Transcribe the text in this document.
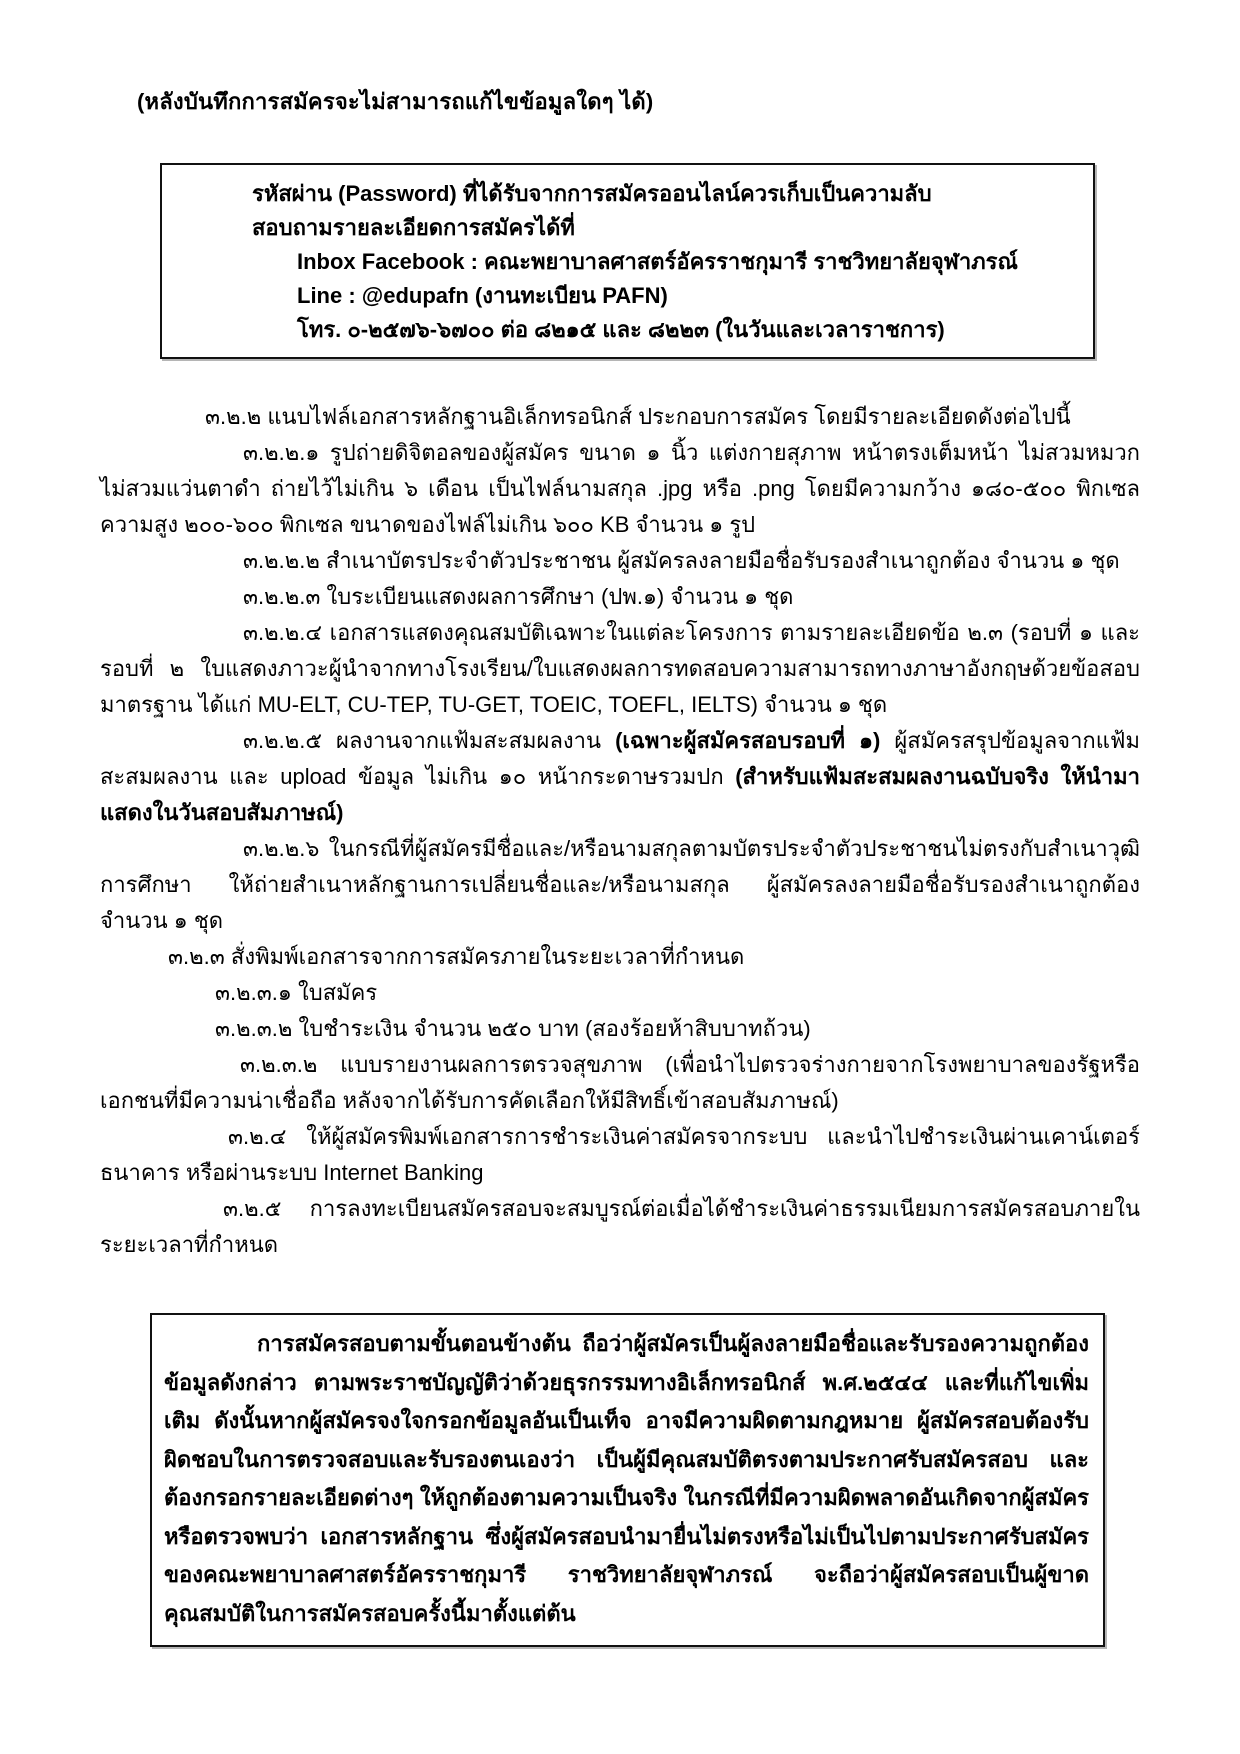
(หลังบันทึกการสมัครจะไม่สามารถแก้ไขข้อมูลใดๆ ได้)

รหัสผ่าน (Password) ที่ได้รับจากการสมัครออนไลน์ควรเก็บเป็นความลับ

สอบถามรายละเอียดการสมัครได้ที่

Inbox Facebook : คณะพยาบาลศาสตร์อัครราชกุมารี ราชวิทยาลัยจุฬาภรณ์

Line : @edupafn (งานทะเบียน PAFN)

โทร. ๐-๒๕๗๖-๖๗๐๐ ต่อ ๘๒๑๕ และ ๘๒๒๓ (ในวันและเวลาราชการ)

๓.๒.๒ แนบไฟล์เอกสารหลักฐานอิเล็กทรอนิกส์ ประกอบการสมัคร โดยมีรายละเอียดดังต่อไปนี้

๓.๒.๒.๑ รูปถ่ายดิจิตอลของผู้สมัคร ขนาด ๑ นิ้ว แต่งกายสุภาพ หน้าตรงเต็มหน้า ไม่สวมหมวก ไม่สวมแว่นตาดำ ถ่ายไว้ไม่เกิน ๖ เดือน เป็นไฟล์นามสกุล .jpg หรือ .png โดยมีความกว้าง ๑๘๐-๕๐๐ พิกเซล ความสูง ๒๐๐-๖๐๐ พิกเซล ขนาดของไฟล์ไม่เกิน ๖๐๐ KB จำนวน ๑ รูป

๓.๒.๒.๒ สำเนาบัตรประจำตัวประชาชน ผู้สมัครลงลายมือชื่อรับรองสำเนาถูกต้อง จำนวน ๑ ชุด

๓.๒.๒.๓ ใบระเบียนแสดงผลการศึกษา (ปพ.๑) จำนวน ๑ ชุด

๓.๒.๒.๔ เอกสารแสดงคุณสมบัติเฉพาะในแต่ละโครงการ ตามรายละเอียดข้อ ๒.๓ (รอบที่ ๑ และรอบที่ ๒ ใบแสดงภาวะผู้นำจากทางโรงเรียน/ใบแสดงผลการทดสอบความสามารถทางภาษาอังกฤษด้วยข้อสอบมาตรฐาน ได้แก่ MU-ELT, CU-TEP, TU-GET, TOEIC, TOEFL, IELTS) จำนวน ๑ ชุด

๓.๒.๒.๕ ผลงานจากแฟ้มสะสมผลงาน (เฉพาะผู้สมัครสอบรอบที่ ๑) ผู้สมัครสรุปข้อมูลจากแฟ้มสะสมผลงาน และ upload ข้อมูล ไม่เกิน ๑๐ หน้ากระดาษรวมปก (สำหรับแฟ้มสะสมผลงานฉบับจริง ให้นำมาแสดงในวันสอบสัมภาษณ์)

๓.๒.๒.๖ ในกรณีที่ผู้สมัครมีชื่อและ/หรือนามสกุลตามบัตรประจำตัวประชาชนไม่ตรงกับสำเนาวุฒิการศึกษา ให้ถ่ายสำเนาหลักฐานการเปลี่ยนชื่อและ/หรือนามสกุล ผู้สมัครลงลายมือชื่อรับรองสำเนาถูกต้อง จำนวน ๑ ชุด

๓.๒.๓ สั่งพิมพ์เอกสารจากการสมัครภายในระยะเวลาที่กำหนด

๓.๒.๓.๑ ใบสมัคร

๓.๒.๓.๒ ใบชำระเงิน จำนวน ๒๕๐ บาท (สองร้อยห้าสิบบาทถ้วน)

๓.๒.๓.๒ แบบรายงานผลการตรวจสุขภาพ (เพื่อนำไปตรวจร่างกายจากโรงพยาบาลของรัฐหรือเอกชนที่มีความน่าเชื่อถือ หลังจากได้รับการคัดเลือกให้มีสิทธิ์เข้าสอบสัมภาษณ์)

๓.๒.๔ ให้ผู้สมัครพิมพ์เอกสารการชำระเงินค่าสมัครจากระบบ และนำไปชำระเงินผ่านเคาน์เตอร์ธนาคาร หรือผ่านระบบ Internet Banking

๓.๒.๕ การลงทะเบียนสมัครสอบจะสมบูรณ์ต่อเมื่อได้ชำระเงินค่าธรรมเนียมการสมัครสอบภายในระยะเวลาที่กำหนด

การสมัครสอบตามขั้นตอนข้างต้น ถือว่าผู้สมัครเป็นผู้ลงลายมือชื่อและรับรองความถูกต้องข้อมูลดังกล่าว ตามพระราชบัญญัติว่าด้วยธุรกรรมทางอิเล็กทรอนิกส์ พ.ศ.๒๕๔๔ และที่แก้ไขเพิ่มเติม ดังนั้นหากผู้สมัครจงใจกรอกข้อมูลอันเป็นเท็จ อาจมีความผิดตามกฎหมาย ผู้สมัครสอบต้องรับผิดชอบในการตรวจสอบและรับรองตนเองว่า เป็นผู้มีคุณสมบัติตรงตามประกาศรับสมัครสอบ และต้องกรอกรายละเอียดต่างๆ ให้ถูกต้องตามความเป็นจริง ในกรณีที่มีความผิดพลาดอันเกิดจากผู้สมัครหรือตรวจพบว่า เอกสารหลักฐาน ซึ่งผู้สมัครสอบนำมายื่นไม่ตรงหรือไม่เป็นไปตามประกาศรับสมัครของคณะพยาบาลศาสตร์อัครราชกุมารี ราชวิทยาลัยจุฬาภรณ์ จะถือว่าผู้สมัครสอบเป็นผู้ขาดคุณสมบัติในการสมัครสอบครั้งนี้มาตั้งแต่ต้น
